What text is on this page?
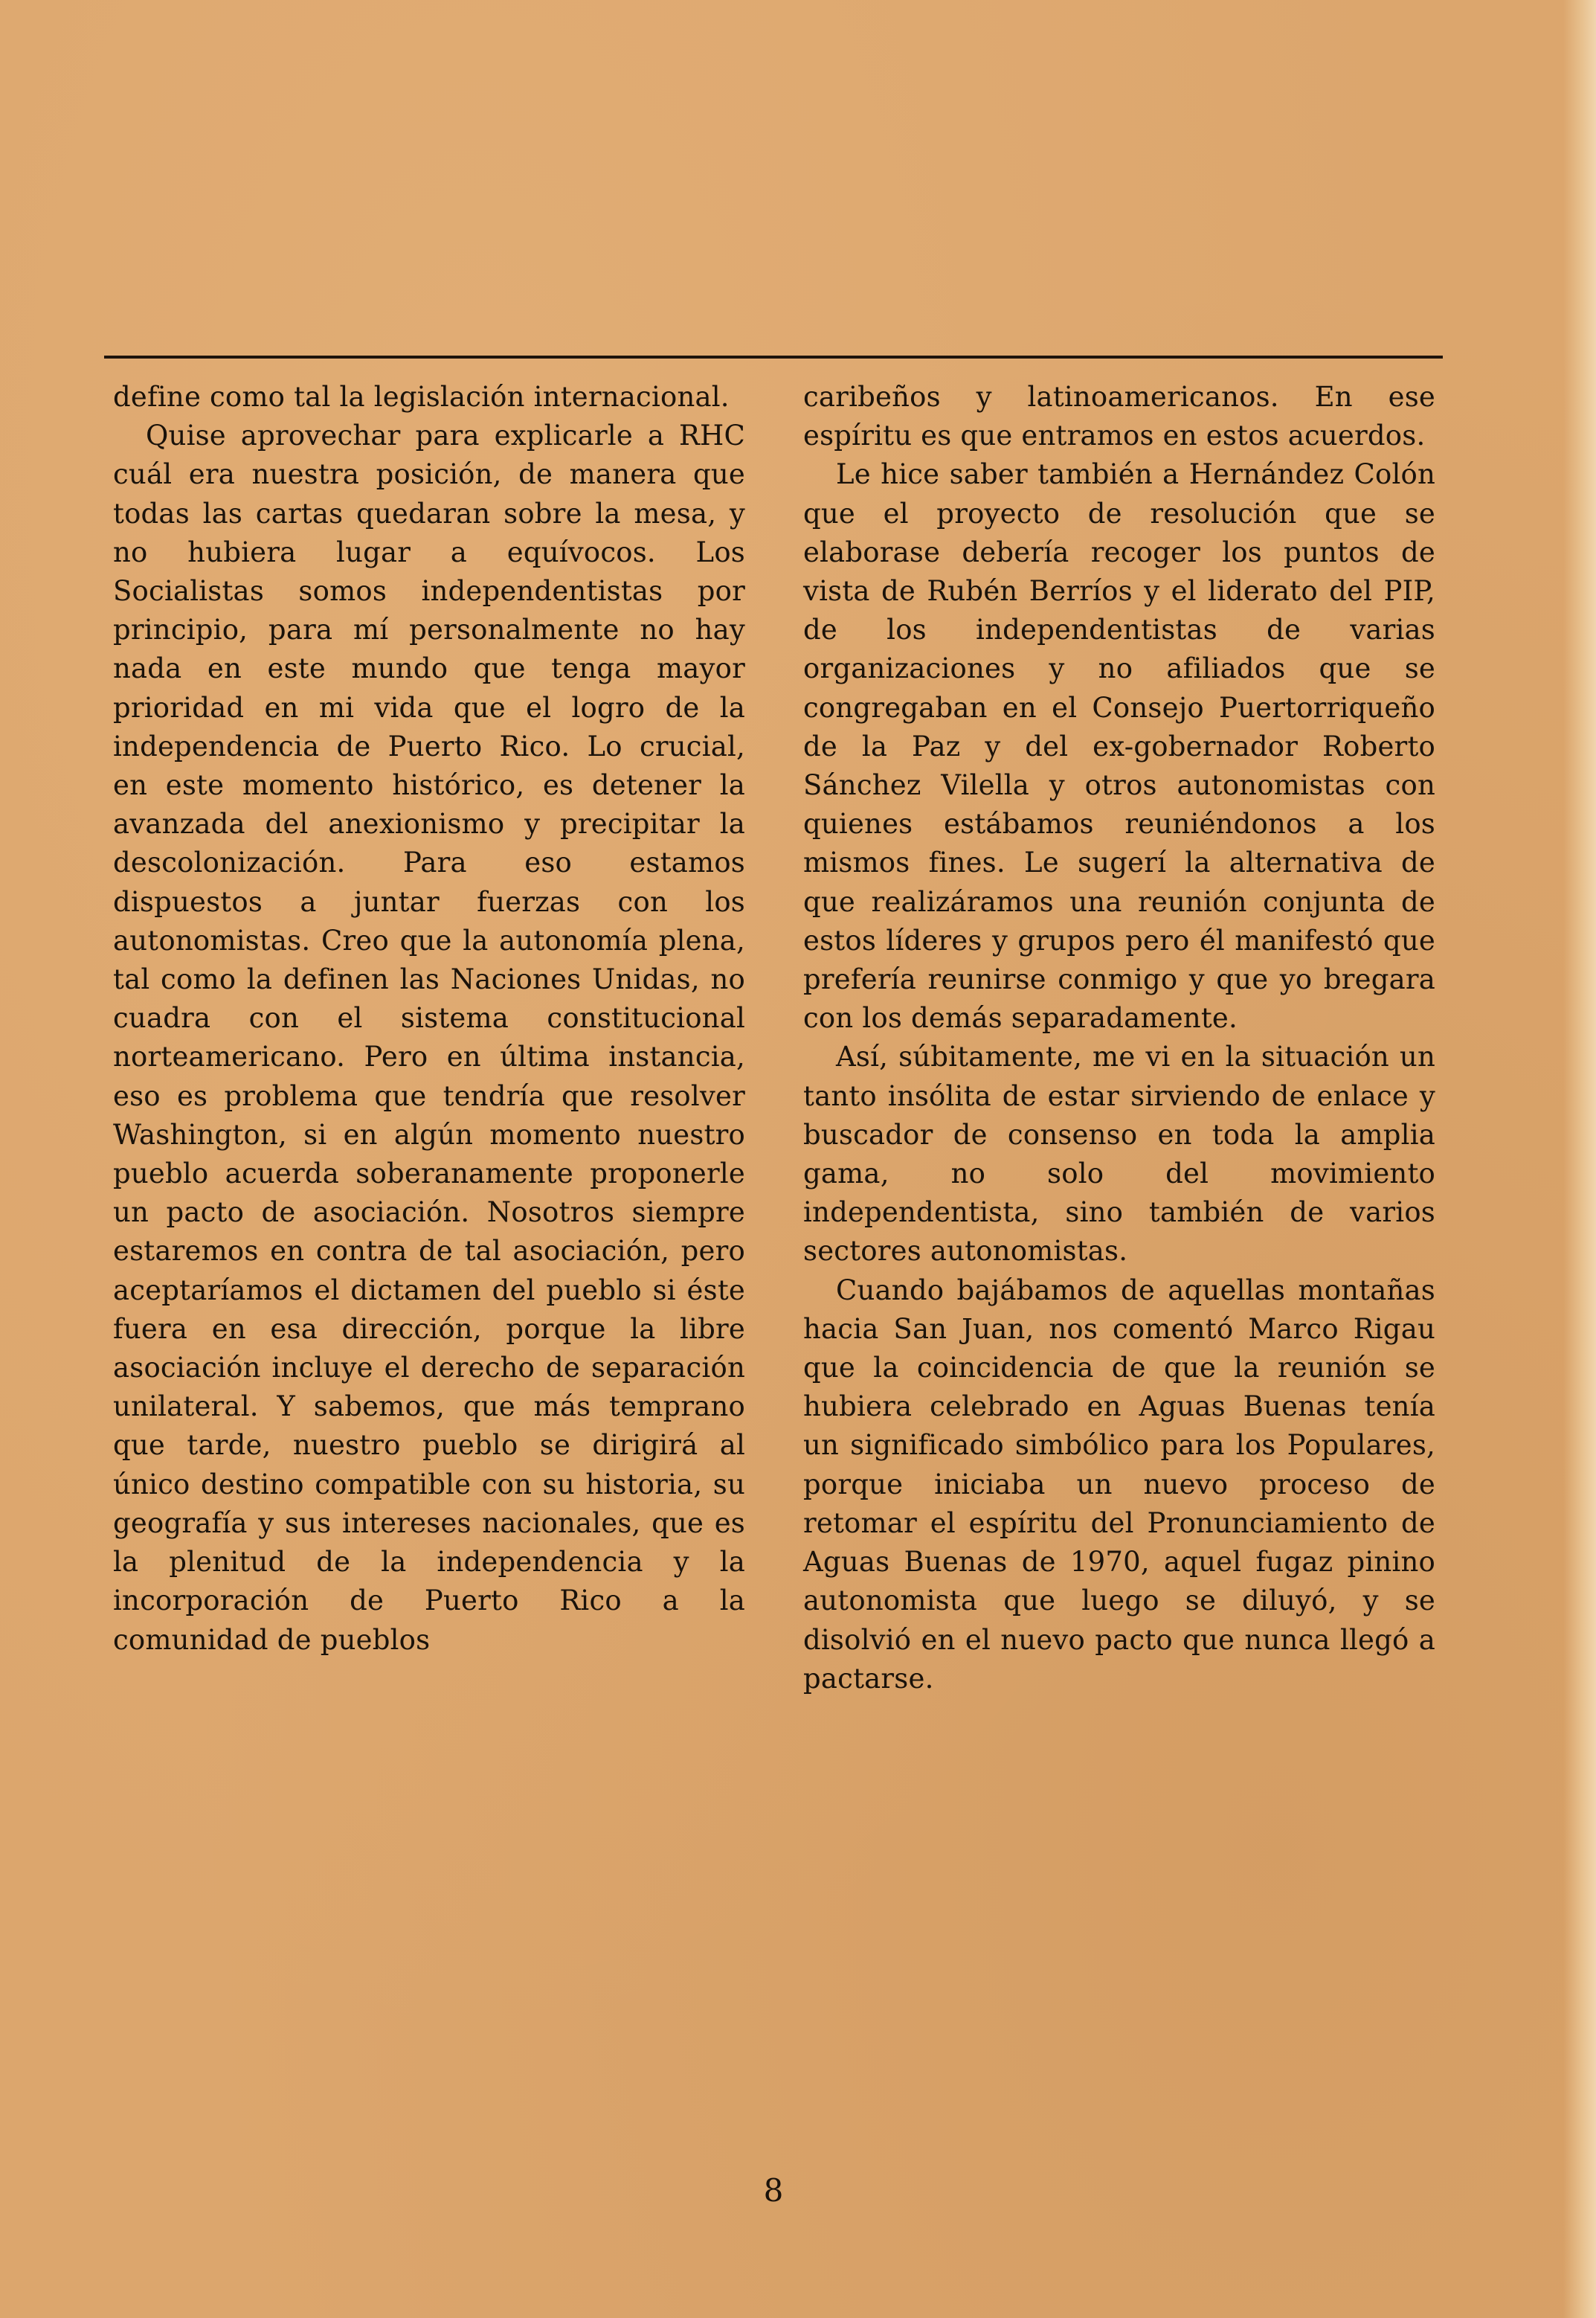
define como tal la legislación internacional.

Quise aprovechar para explicarle a RHC cuál era nuestra posición, de manera que todas las cartas quedaran sobre la mesa, y no hubiera lugar a equívocos. Los Socialistas somos independentistas por principio, para mí personalmente no hay nada en este mundo que tenga mayor prioridad en mi vida que el logro de la independencia de Puerto Rico. Lo crucial, en este momento histórico, es detener la avanzada del anexionismo y precipitar la descolonización. Para eso estamos dispuestos a juntar fuerzas con los autonomistas. Creo que la autonomía plena, tal como la definen las Naciones Unidas, no cuadra con el sistema constitucional norteamericano. Pero en última instancia, eso es problema que tendría que resolver Washington, si en algún momento nuestro pueblo acuerda soberanamente proponerle un pacto de asociación. Nosotros siempre estaremos en contra de tal asociación, pero aceptaríamos el dictamen del pueblo si éste fuera en esa dirección, porque la libre asociación incluye el derecho de separación unilateral. Y sabemos, que más temprano que tarde, nuestro pueblo se dirigirá al único destino compatible con su historia, su geografía y sus intereses nacionales, que es la plenitud de la independencia y la incorporación de Puerto Rico a la comunidad de pueblos

caribeños y latinoamericanos. En ese espíritu es que entramos en estos acuerdos.

Le hice saber también a Hernández Colón que el proyecto de resolución que se elaborase debería recoger los puntos de vista de Rubén Berríos y el liderato del PIP, de los independentistas de varias organizaciones y no afiliados que se congregaban en el Consejo Puertorriqueño de la Paz y del ex-gobernador Roberto Sánchez Vilella y otros autonomistas con quienes estábamos reuniéndonos a los mismos fines. Le sugerí la alternativa de que realizáramos una reunión conjunta de estos líderes y grupos pero él manifestó que prefería reunirse conmigo y que yo bregara con los demás separadamente.

Así, súbitamente, me vi en la situación un tanto insólita de estar sirviendo de enlace y buscador de consenso en toda la amplia gama, no solo del movimiento independentista, sino también de varios sectores autonomistas.

Cuando bajábamos de aquellas montañas hacia San Juan, nos comentó Marco Rigau que la coincidencia de que la reunión se hubiera celebrado en Aguas Buenas tenía un significado simbólico para los Populares, porque iniciaba un nuevo proceso de retomar el espíritu del Pronunciamiento de Aguas Buenas de 1970, aquel fugaz pinino autonomista que luego se diluyó, y se disolvió en el nuevo pacto que nunca llegó a pactarse.

8
